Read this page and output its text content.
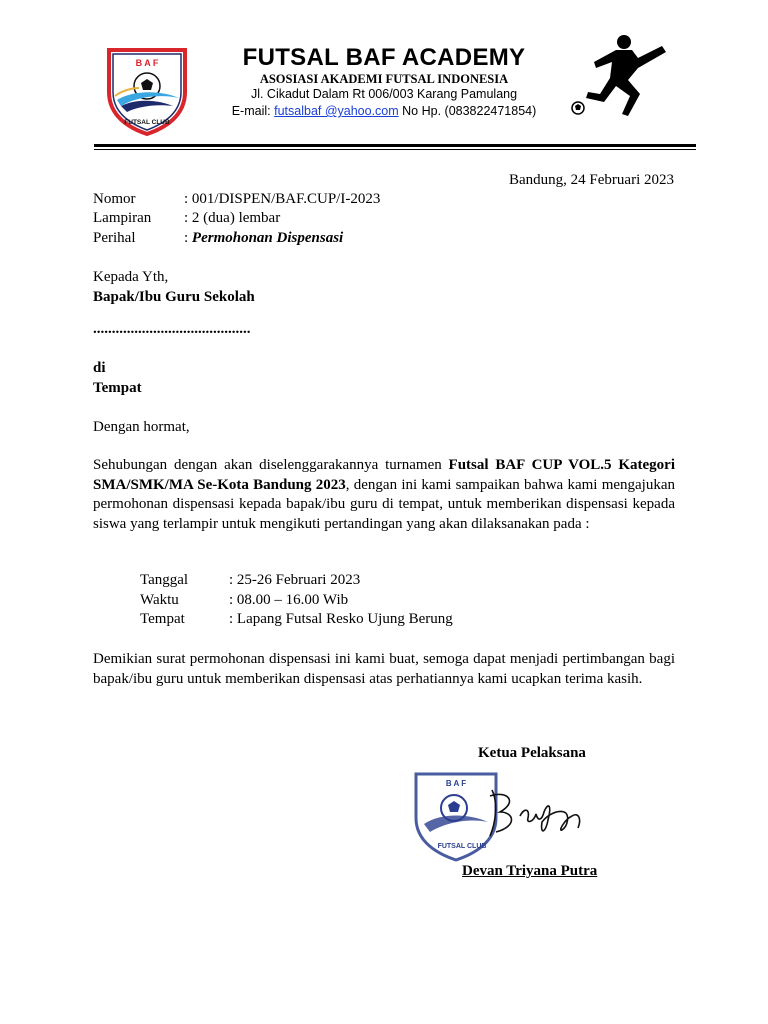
B A F
FUTSAL CLUB
FUTSAL BAF ACADEMY
ASOSIASI AKADEMI FUTSAL INDONESIA
Jl. Cikadut Dalam Rt 006/003 Karang Pamulang
E-mail: futsalbaf @yahoo.com No Hp. (083822471854)
Bandung, 24 Februari 2023
Nomor	: 001/DISPEN/BAF.CUP/I-2023
Lampiran : 2 (dua) lembar
Perihal	: Permohonan Dispensasi
Kepada Yth,
Bapak/Ibu Guru Sekolah
..........................................
di
Tempat
Dengan hormat,
Sehubungan dengan akan diselenggarakannya turnamen Futsal BAF CUP VOL.5 Kategori SMA/SMK/MA Se-Kota Bandung 2023, dengan ini kami sampaikan bahwa kami mengajukan permohonan dispensasi kepada bapak/ibu guru di tempat, untuk memberikan dispensasi kepada siswa yang terlampir untuk mengikuti pertandingan yang akan dilaksanakan pada :
Tanggal	: 25-26 Februari 2023
Waktu	: 08.00 – 16.00 Wib
Tempat	: Lapang Futsal Resko Ujung Berung
Demikian surat permohonan dispensasi ini kami buat, semoga dapat menjadi pertimbangan bagi bapak/ibu guru untuk memberikan dispensasi atas perhatiannya kami ucapkan terima kasih.
Ketua Pelaksana
B A F
FUTSAL CLUB
Devan Triyana Putra
